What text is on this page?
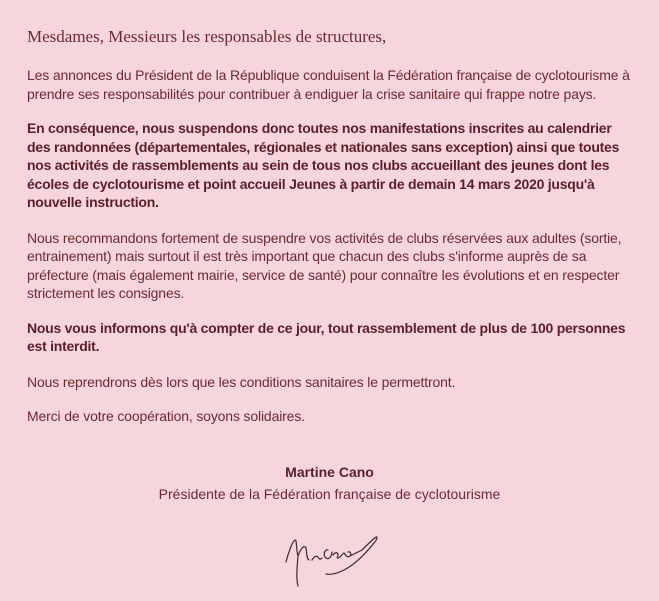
Mesdames, Messieurs les responsables de structures,

Les annonces du Président de la République conduisent la Fédération française de cyclotourisme à prendre ses responsabilités pour contribuer à endiguer la crise sanitaire qui frappe notre pays.

En conséquence, nous suspendons donc toutes nos manifestations inscrites au calendrier des randonnées (départementales, régionales et nationales sans exception) ainsi que toutes nos activités de rassemblements au sein de tous nos clubs accueillant des jeunes dont les écoles de cyclotourisme et point accueil Jeunes à partir de demain 14 mars 2020 jusqu'à nouvelle instruction.

Nous recommandons fortement de suspendre vos activités de clubs réservées aux adultes (sortie, entrainement) mais surtout il est très important que chacun des clubs s'informe auprès de sa préfecture (mais également mairie, service de santé) pour connaître les évolutions et en respecter strictement les consignes.

Nous vous informons qu'à compter de ce jour, tout rassemblement de plus de 100 personnes est interdit.

Nous reprendrons dès lors que les conditions sanitaires le permettront.

Merci de votre coopération, soyons solidaires.

Martine Cano
Présidente de la Fédération française de cyclotourisme
